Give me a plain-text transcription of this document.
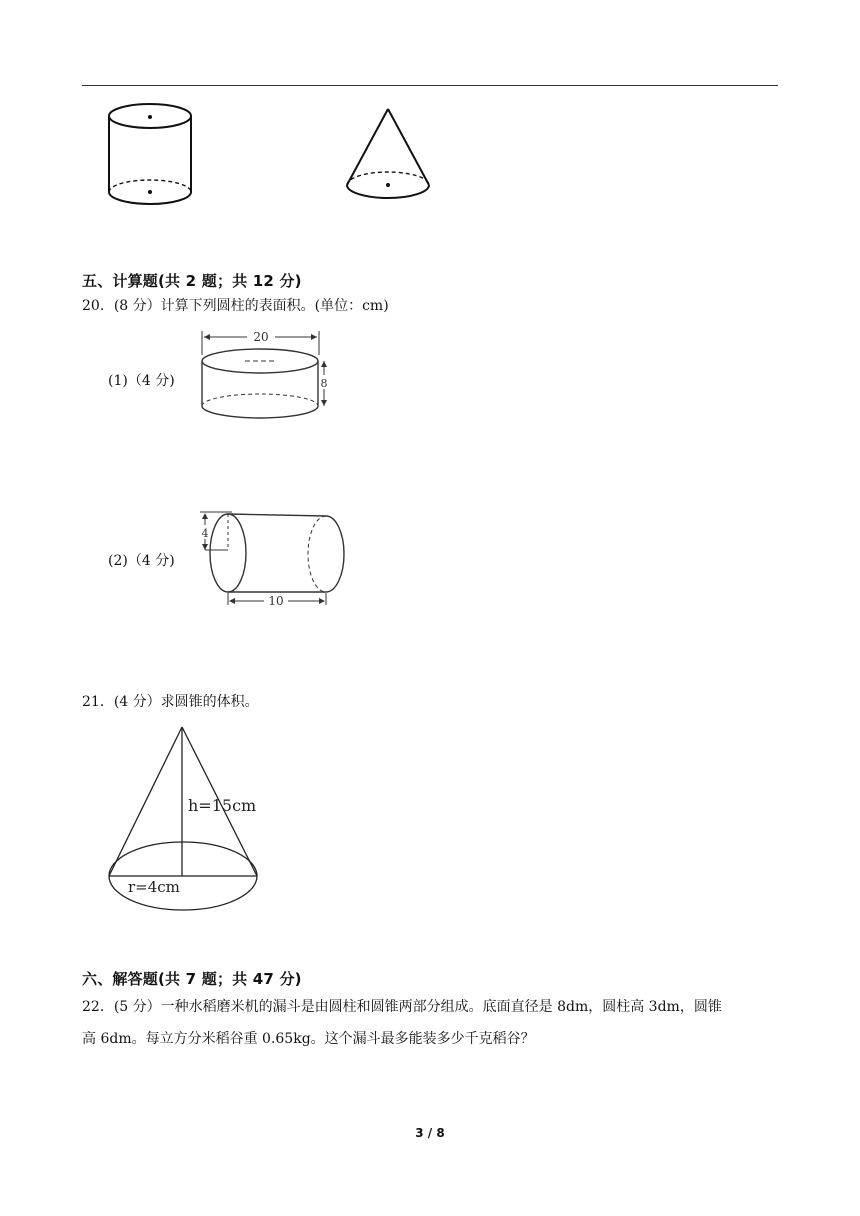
五、计算题(共 2 题；共 12 分)
20．(8 分）计算下列圆柱的表面积。(单位：cm)
(1)（4 分)
20
8
(2)（4 分)
4
10
21．(4 分）求圆锥的体积。
h=15cm
r=4cm
六、解答题(共 7 题；共 47 分)
22．(5 分）一种水稻磨米机的漏斗是由圆柱和圆锥两部分组成。底面直径是 8dm，圆柱高 3dm，圆锥
高 6dm。每立方分米稻谷重 0.65kg。这个漏斗最多能装多少千克稻谷？
3 / 8
